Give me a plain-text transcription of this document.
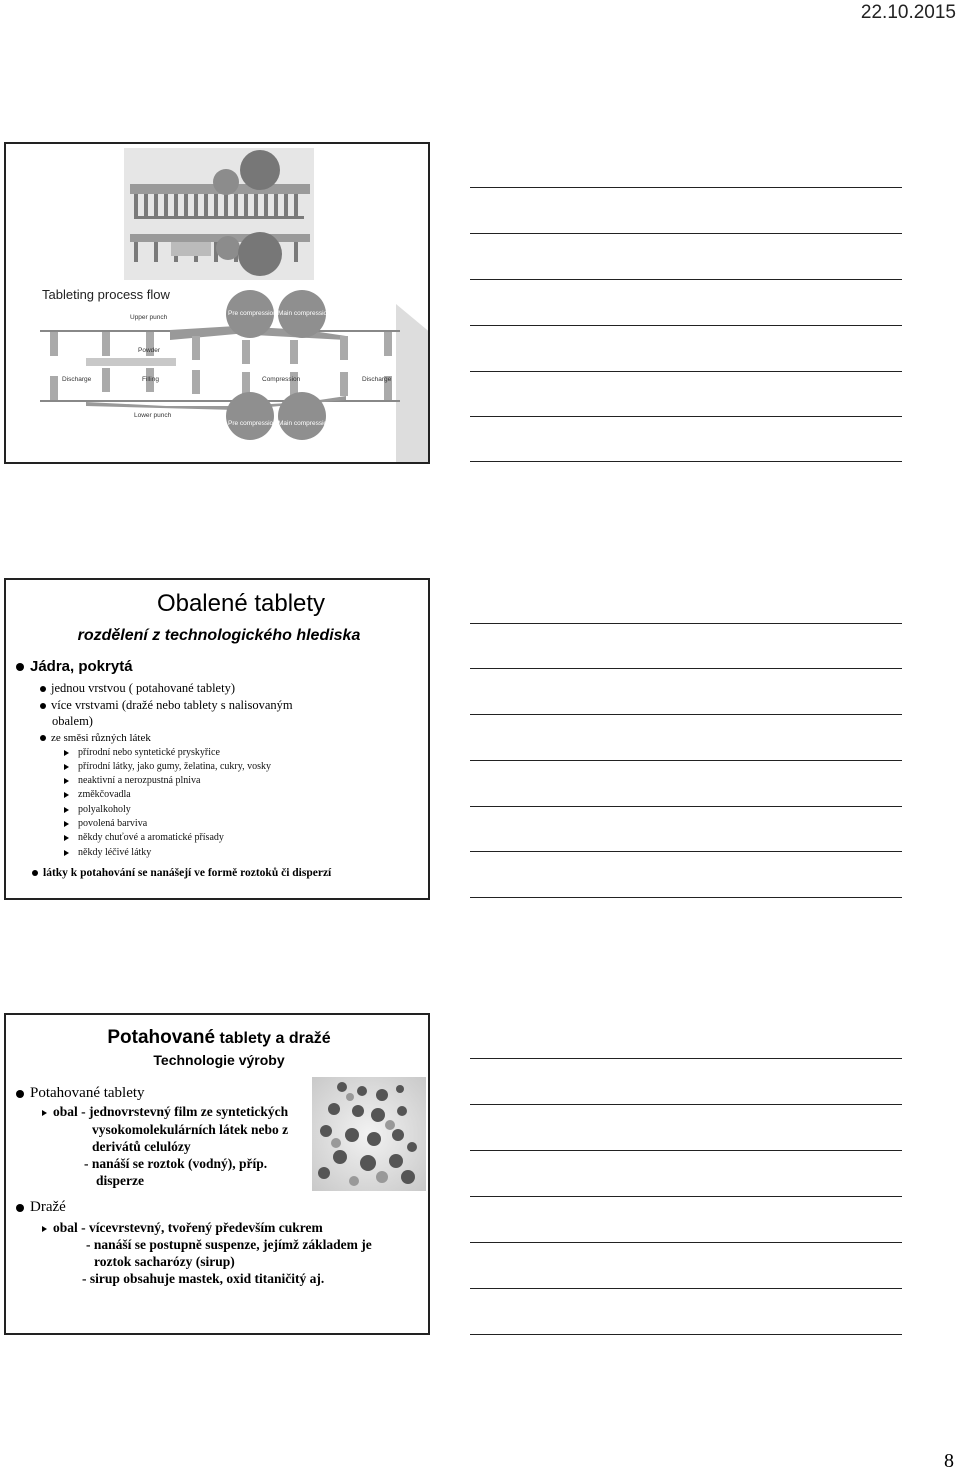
22.10.2015
Tableting process flow
Upper punch
Powder
Lower punch
Discharge	Filling	Compression	Discharge
Pre compression Main compression
Pre compression Main compression
Obalené tablety
rozdělení z technologického hlediska
Jádra, pokrytá
jednou vrstvou ( potahované tablety)
více vrstvami (dražé nebo tablety s nalisovaným
obalem)
ze směsi různých látek
přírodní nebo syntetické pryskyřice
přírodní látky, jako gumy, želatina, cukry, vosky
neaktivní a nerozpustná plniva
změkčovadla
polyalkoholy
povolená barviva
někdy chuťové a aromatické přísady
někdy léčivé látky
látky k potahování se nanášejí ve formě roztoků či disperzí
Potahované tablety a dražé
Technologie výroby
Potahované tablety
obal - jednovrstevný film ze syntetických
vysokomolekulárních látek nebo z
derivátů celulózy
- nanáší se roztok (vodný), příp.
disperze
Dražé
obal - vícevrstevný, tvořený především cukrem
- nanáší se postupně suspenze, jejímž základem je
roztok sacharózy (sirup)
- sirup obsahuje mastek, oxid titaničitý aj.
8
